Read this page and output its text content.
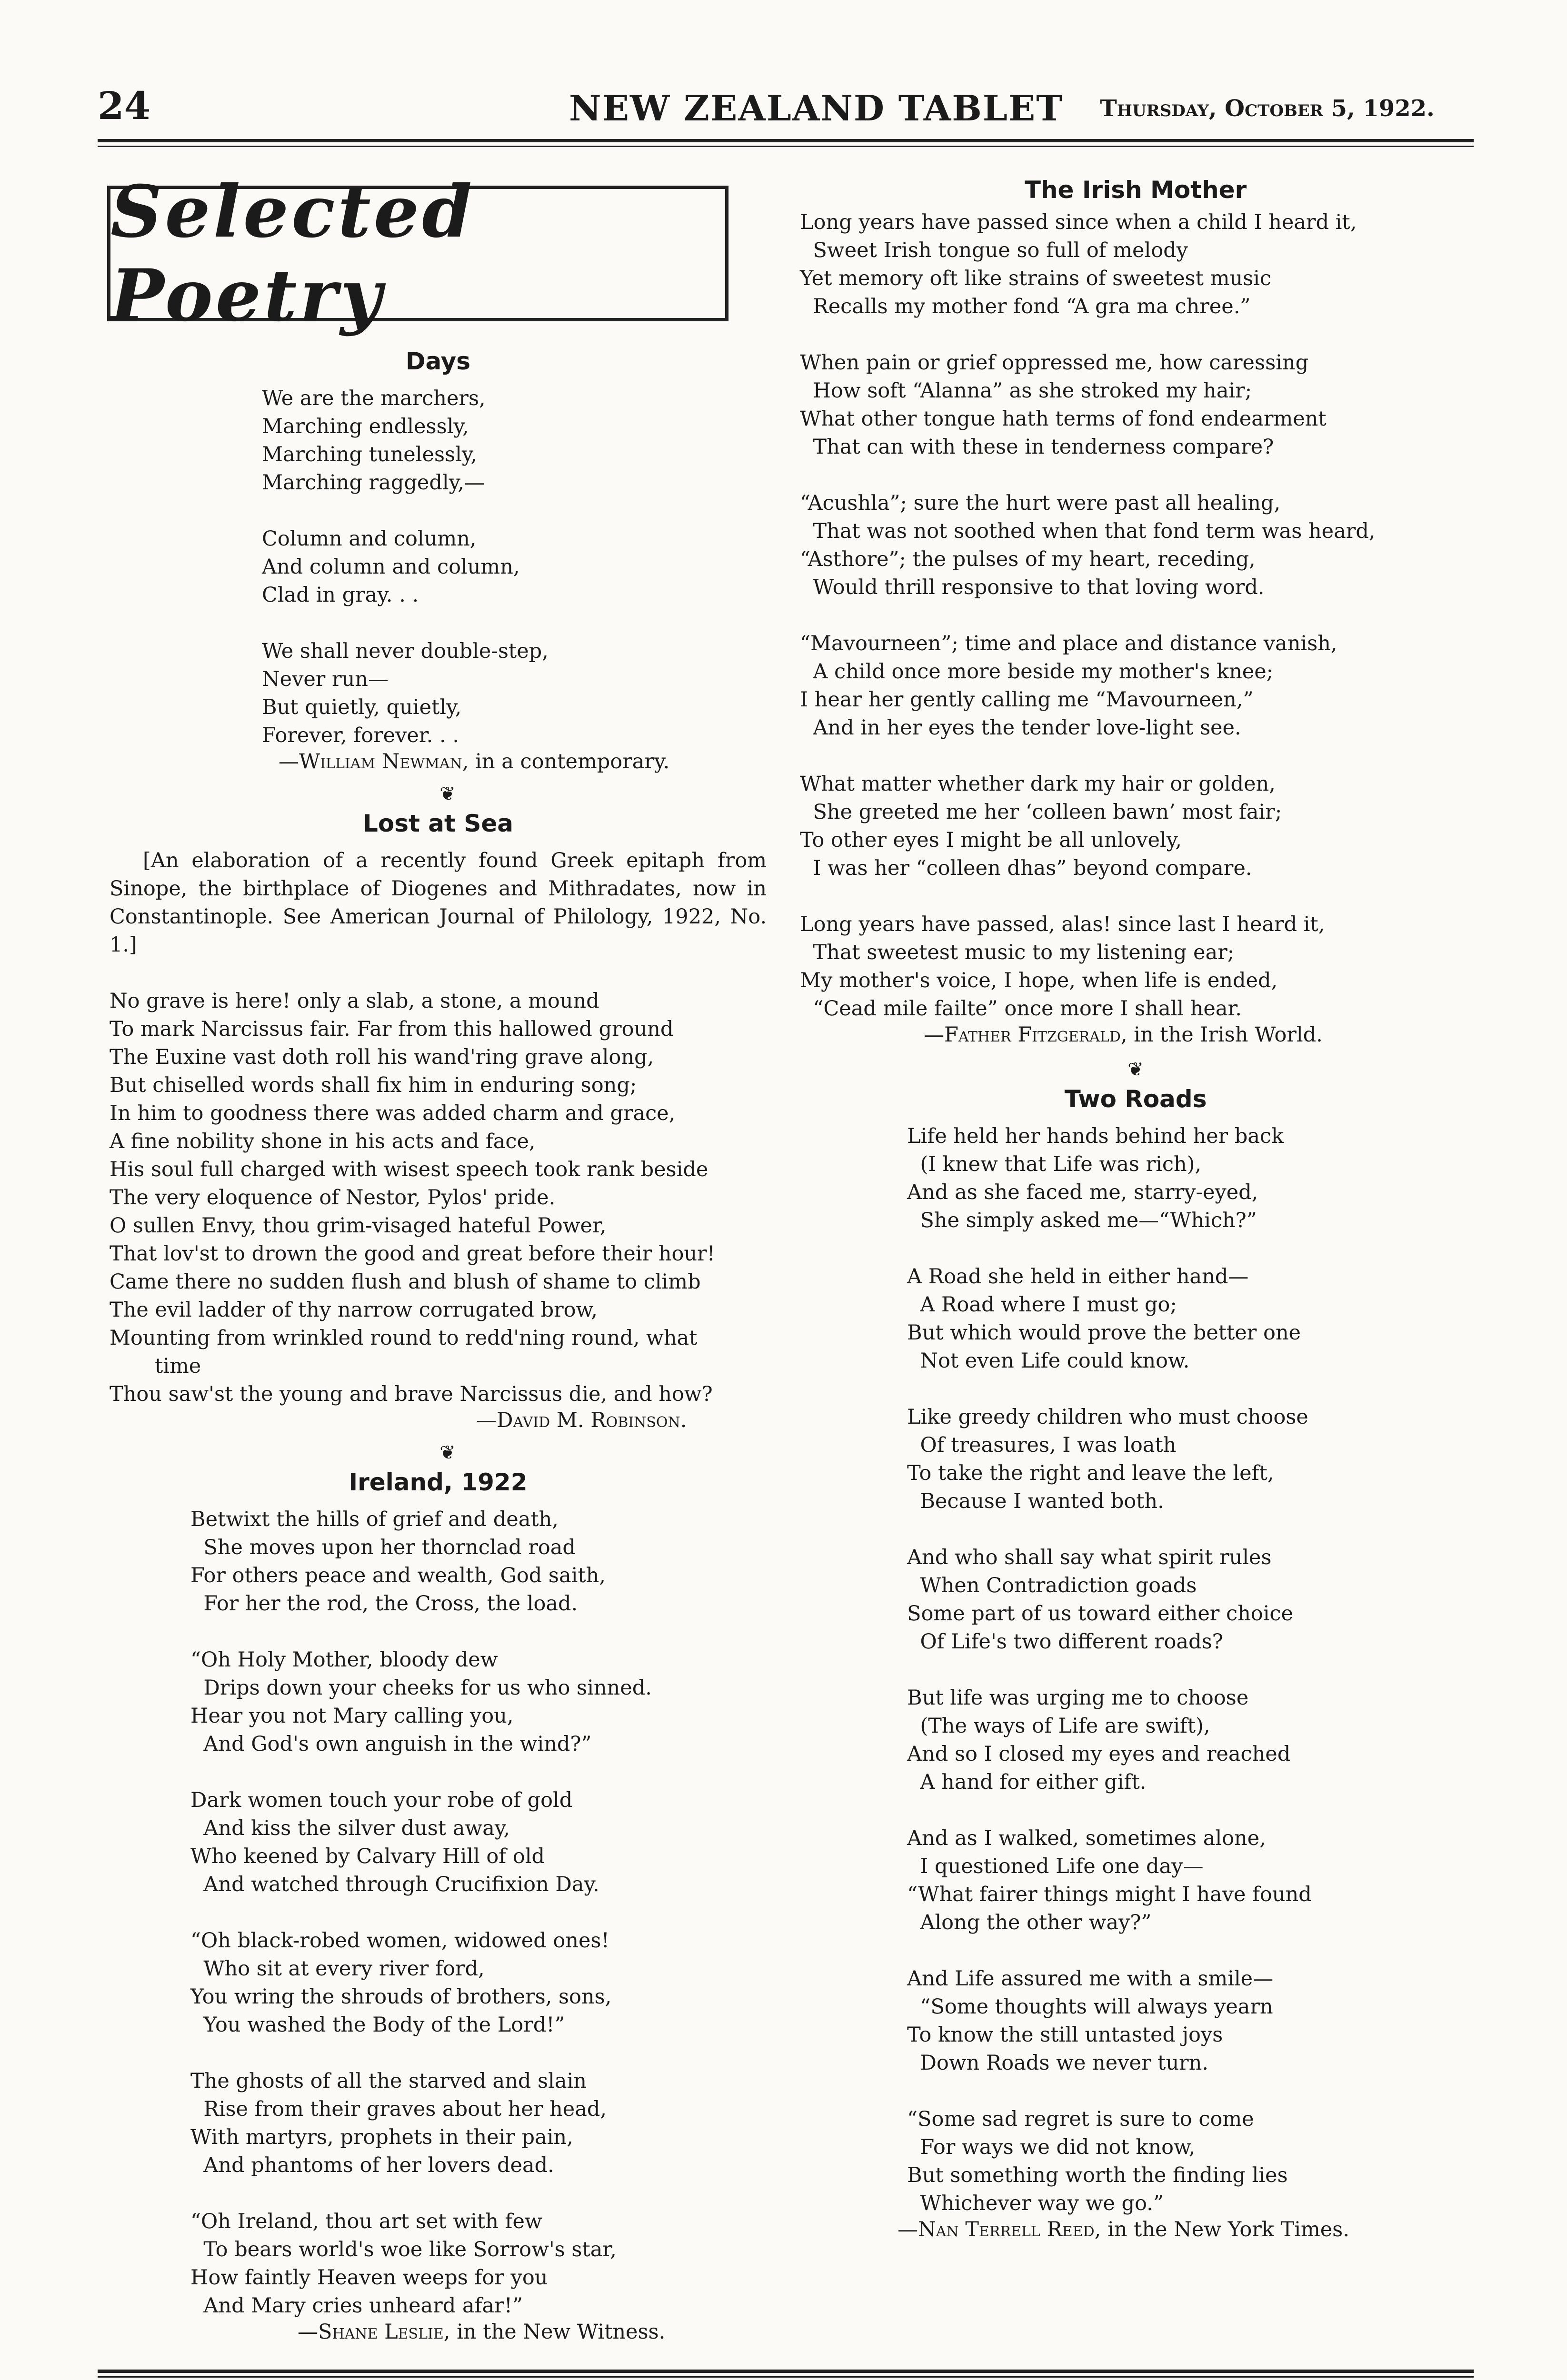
24	NEW ZEALAND TABLET Thursday, October 5, 1922.
Selected Poetry
Days
We are the marchers,
Marching endlessly,
Marching tunelessly,
Marching raggedly,—
Column and column,
And column and column,
Clad in gray. . .
We shall never double-step,
Never run—
But quietly, quietly,
Forever, forever. . .
—William Newman, in a contemporary.
❦
Lost at Sea
[An elaboration of a recently found Greek epitaph from Sinope, the birthplace of Diogenes and Mithradates, now in Constantinople. See American Journal of Philology, 1922, No. 1.]
No grave is here! only a slab, a stone, a mound
To mark Narcissus fair. Far from this hallowed ground
The Euxine vast doth roll his wand'ring grave along,
But chiselled words shall fix him in enduring song;
In him to goodness there was added charm and grace,
A fine nobility shone in his acts and face,
His soul full charged with wisest speech took rank beside
The very eloquence of Nestor, Pylos' pride.
O sullen Envy, thou grim-visaged hateful Power,
That lov'st to drown the good and great before their hour!
Came there no sudden flush and blush of shame to climb
The evil ladder of thy narrow corrugated brow,
Mounting from wrinkled round to redd'ning round, what
time
Thou saw'st the young and brave Narcissus die, and how?
—David M. Robinson.
❦
Ireland, 1922
Betwixt the hills of grief and death,
She moves upon her thornclad road
For others peace and wealth, God saith,
For her the rod, the Cross, the load.
“Oh Holy Mother, bloody dew
Drips down your cheeks for us who sinned.
Hear you not Mary calling you,
And God's own anguish in the wind?”
Dark women touch your robe of gold
And kiss the silver dust away,
Who keened by Calvary Hill of old
And watched through Crucifixion Day.
“Oh black-robed women, widowed ones!
Who sit at every river ford,
You wring the shrouds of brothers, sons,
You washed the Body of the Lord!”
The ghosts of all the starved and slain
Rise from their graves about her head,
With martyrs, prophets in their pain,
And phantoms of her lovers dead.
“Oh Ireland, thou art set with few
To bears world's woe like Sorrow's star,
How faintly Heaven weeps for you
And Mary cries unheard afar!”
—Shane Leslie, in the New Witness.
The Irish Mother
Long years have passed since when a child I heard it,
Sweet Irish tongue so full of melody
Yet memory oft like strains of sweetest music
Recalls my mother fond “A gra ma chree.”
When pain or grief oppressed me, how caressing
How soft “Alanna” as she stroked my hair;
What other tongue hath terms of fond endearment
That can with these in tenderness compare?
“Acushla”; sure the hurt were past all healing,
That was not soothed when that fond term was heard,
“Asthore”; the pulses of my heart, receding,
Would thrill responsive to that loving word.
“Mavourneen”; time and place and distance vanish,
A child once more beside my mother's knee;
I hear her gently calling me “Mavourneen,”
And in her eyes the tender love-light see.
What matter whether dark my hair or golden,
She greeted me her ‘colleen bawn’ most fair;
To other eyes I might be all unlovely,
I was her “colleen dhas” beyond compare.
Long years have passed, alas! since last I heard it,
That sweetest music to my listening ear;
My mother's voice, I hope, when life is ended,
“Cead mile failte” once more I shall hear.
—Father Fitzgerald, in the Irish World.
❦
Two Roads
Life held her hands behind her back
(I knew that Life was rich),
And as she faced me, starry-eyed,
She simply asked me—“Which?”
A Road she held in either hand—
A Road where I must go;
But which would prove the better one
Not even Life could know.
Like greedy children who must choose
Of treasures, I was loath
To take the right and leave the left,
Because I wanted both.
And who shall say what spirit rules
When Contradiction goads
Some part of us toward either choice
Of Life's two different roads?
But life was urging me to choose
(The ways of Life are swift),
And so I closed my eyes and reached
A hand for either gift.
And as I walked, sometimes alone,
I questioned Life one day—
“What fairer things might I have found
Along the other way?”
And Life assured me with a smile—
“Some thoughts will always yearn
To know the still untasted joys
Down Roads we never turn.
“Some sad regret is sure to come
For ways we did not know,
But something worth the finding lies
Whichever way we go.”
—Nan Terrell Reed, in the New York Times.
